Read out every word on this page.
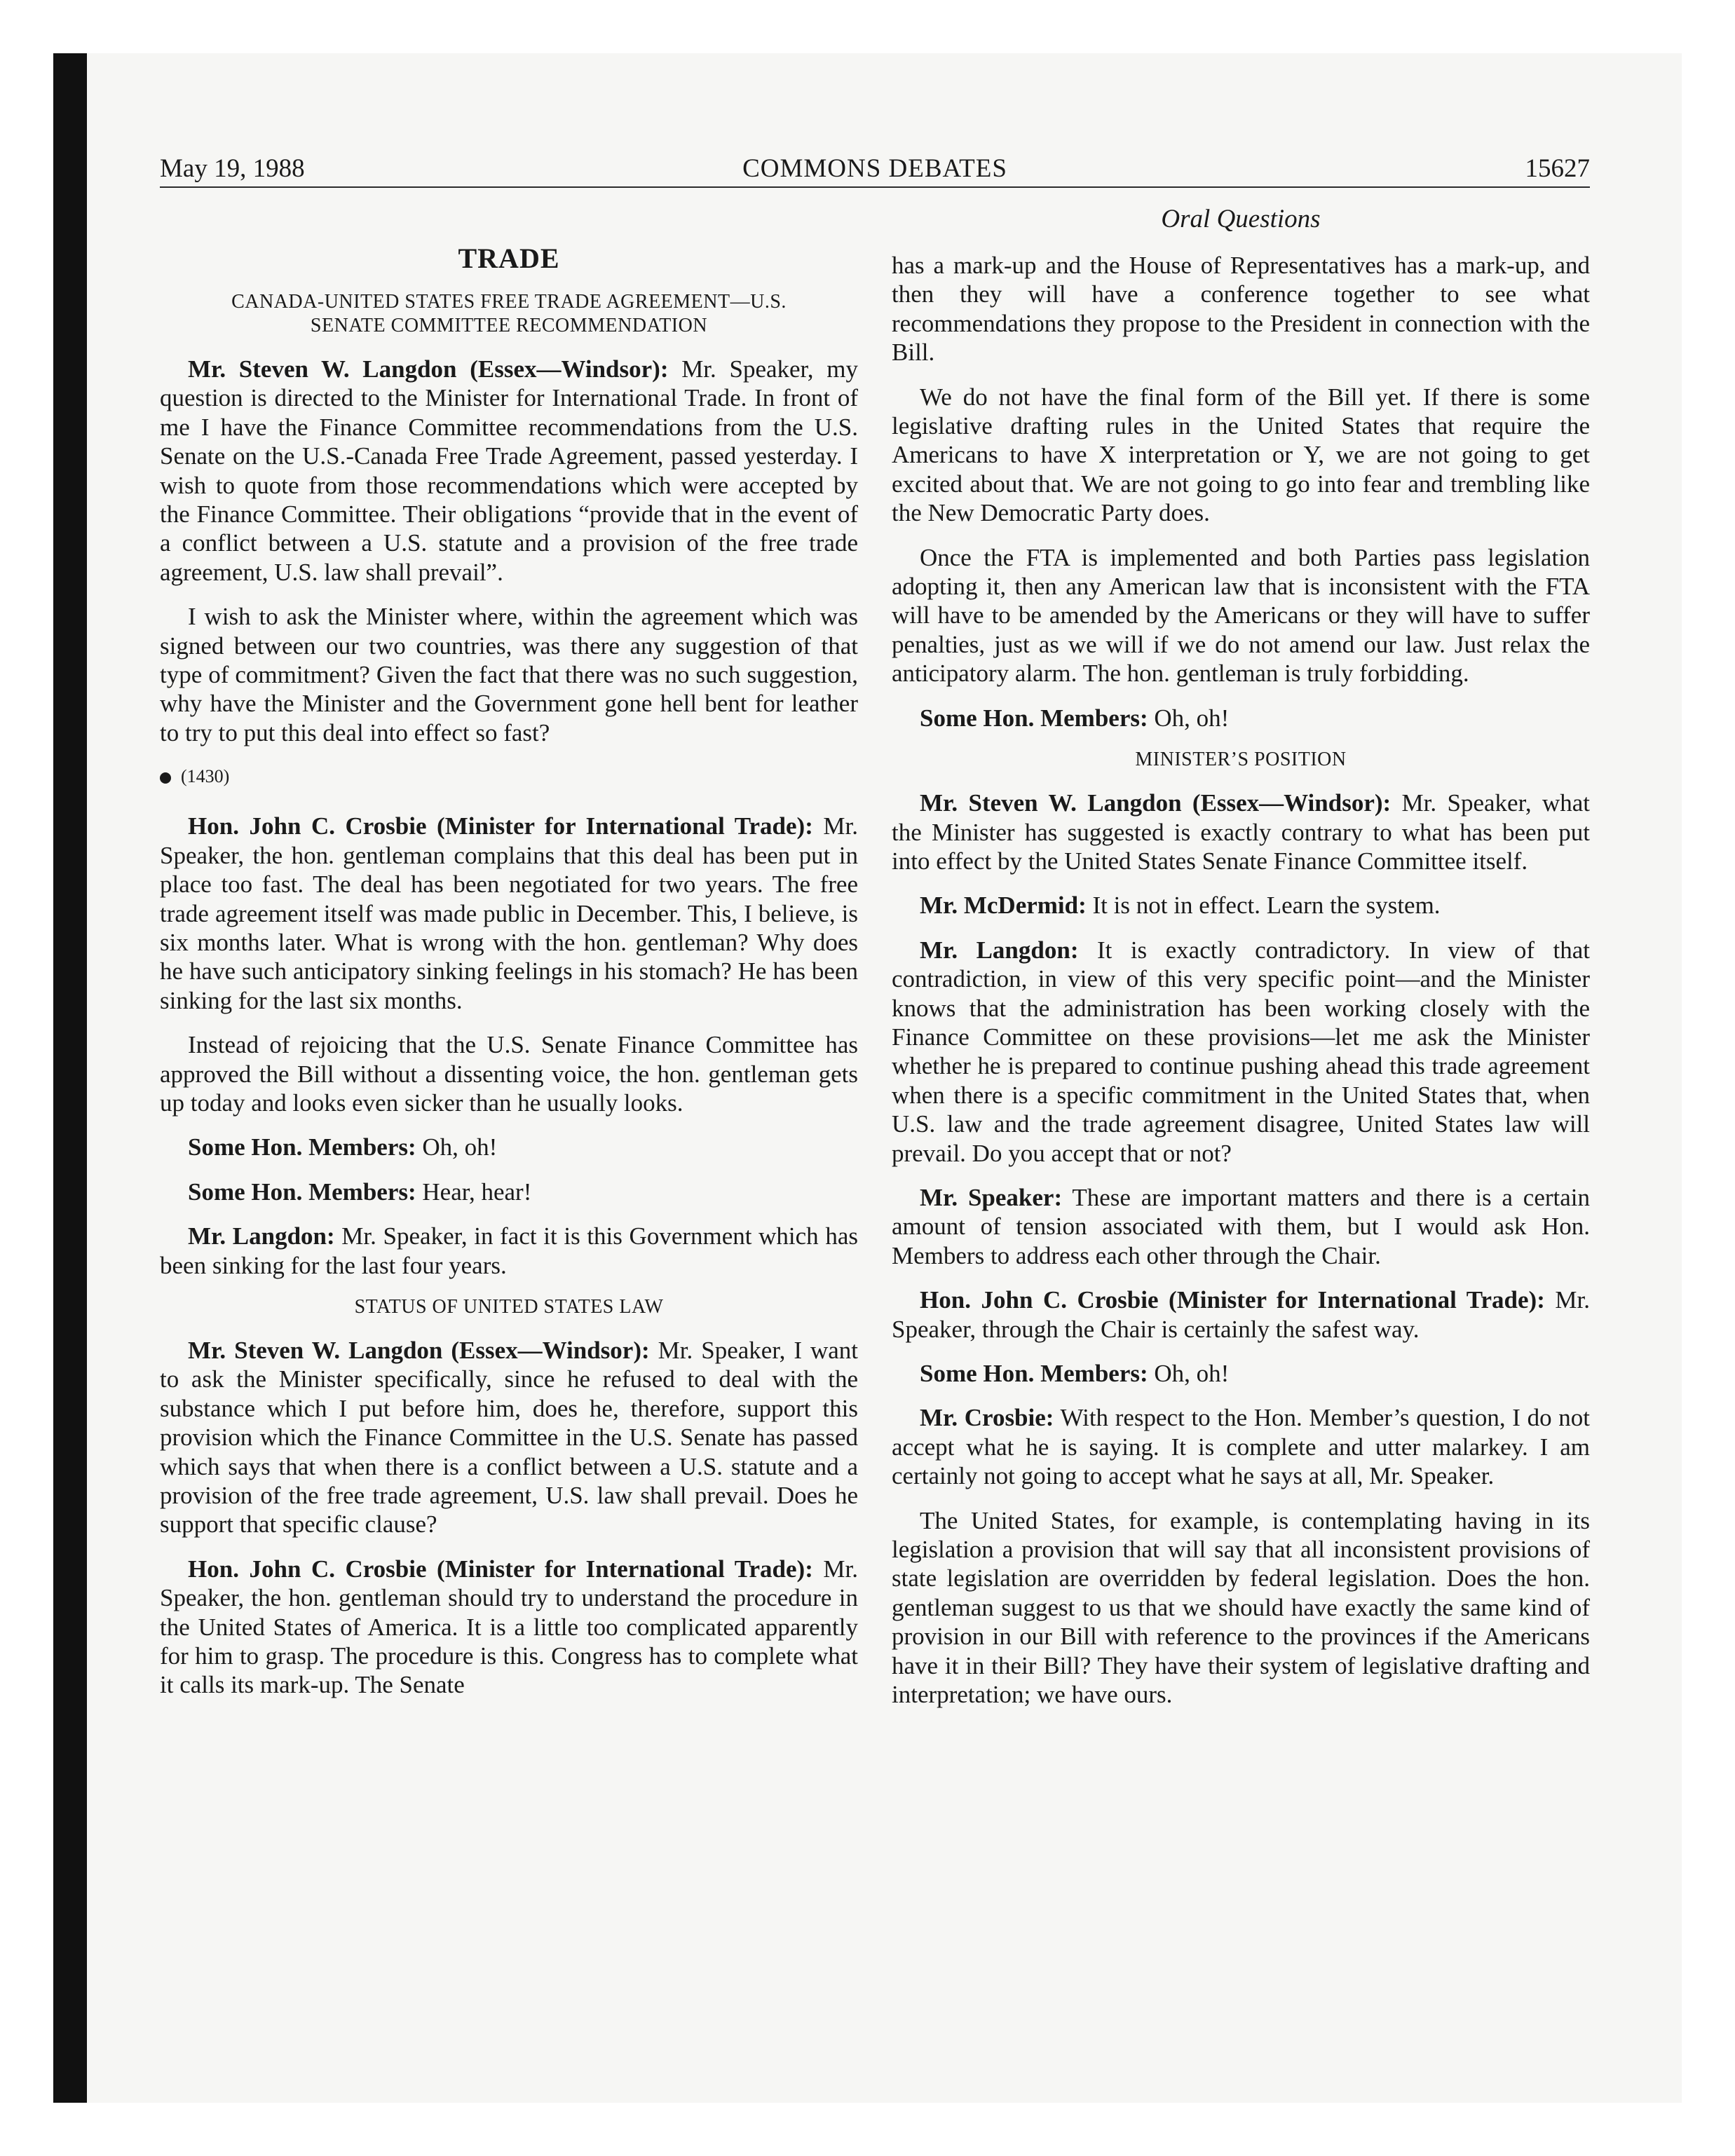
May 19, 1988	COMMONS DEBATES	15627
Oral Questions
TRADE
CANADA-UNITED STATES FREE TRADE AGREEMENT—U.S.
SENATE COMMITTEE RECOMMENDATION

Mr. Steven W. Langdon (Essex—Windsor): Mr. Speaker, my question is directed to the Minister for International Trade. In front of me I have the Finance Committee recommendations from the U.S. Senate on the U.S.-Canada Free Trade Agreement, passed yesterday. I wish to quote from those recommendations which were accepted by the Finance Committee. Their obligations “provide that in the event of a conflict between a U.S. statute and a provision of the free trade agreement, U.S. law shall prevail”.

I wish to ask the Minister where, within the agreement which was signed between our two countries, was there any suggestion of that type of commitment? Given the fact that there was no such suggestion, why have the Minister and the Government gone hell bent for leather to try to put this deal into effect so fast?

(1430)

Hon. John C. Crosbie (Minister for International Trade): Mr. Speaker, the hon. gentleman complains that this deal has been put in place too fast. The deal has been negotiated for two years. The free trade agreement itself was made public in December. This, I believe, is six months later. What is wrong with the hon. gentleman? Why does he have such anticipatory sinking feelings in his stomach? He has been sinking for the last six months.

Instead of rejoicing that the U.S. Senate Finance Committee has approved the Bill without a dissenting voice, the hon. gentleman gets up today and looks even sicker than he usually looks.

Some Hon. Members: Oh, oh!

Some Hon. Members: Hear, hear!

Mr. Langdon: Mr. Speaker, in fact it is this Government which has been sinking for the last four years.

STATUS OF UNITED STATES LAW

Mr. Steven W. Langdon (Essex—Windsor): Mr. Speaker, I want to ask the Minister specifically, since he refused to deal with the substance which I put before him, does he, therefore, support this provision which the Finance Committee in the U.S. Senate has passed which says that when there is a conflict between a U.S. statute and a provision of the free trade agreement, U.S. law shall prevail. Does he support that specific clause?

Hon. John C. Crosbie (Minister for International Trade): Mr. Speaker, the hon. gentleman should try to understand the procedure in the United States of America. It is a little too complicated apparently for him to grasp. The procedure is this. Congress has to complete what it calls its mark-up. The Senate

has a mark-up and the House of Representatives has a mark-up, and then they will have a conference together to see what recommendations they propose to the President in connection with the Bill.

We do not have the final form of the Bill yet. If there is some legislative drafting rules in the United States that require the Americans to have X interpretation or Y, we are not going to get excited about that. We are not going to go into fear and trembling like the New Democratic Party does.

Once the FTA is implemented and both Parties pass legislation adopting it, then any American law that is inconsistent with the FTA will have to be amended by the Americans or they will have to suffer penalties, just as we will if we do not amend our law. Just relax the anticipatory alarm. The hon. gentleman is truly forbidding.

Some Hon. Members: Oh, oh!

MINISTER’S POSITION

Mr. Steven W. Langdon (Essex—Windsor): Mr. Speaker, what the Minister has suggested is exactly contrary to what has been put into effect by the United States Senate Finance Committee itself.

Mr. McDermid: It is not in effect. Learn the system.

Mr. Langdon: It is exactly contradictory. In view of that contradiction, in view of this very specific point—and the Minister knows that the administration has been working closely with the Finance Committee on these provisions—let me ask the Minister whether he is prepared to continue pushing ahead this trade agreement when there is a specific commitment in the United States that, when U.S. law and the trade agreement disagree, United States law will prevail. Do you accept that or not?

Mr. Speaker: These are important matters and there is a certain amount of tension associated with them, but I would ask Hon. Members to address each other through the Chair.

Hon. John C. Crosbie (Minister for International Trade): Mr. Speaker, through the Chair is certainly the safest way.

Some Hon. Members: Oh, oh!

Mr. Crosbie: With respect to the Hon. Member’s question, I do not accept what he is saying. It is complete and utter malarkey. I am certainly not going to accept what he says at all, Mr. Speaker.

The United States, for example, is contemplating having in its legislation a provision that will say that all inconsistent provisions of state legislation are overridden by federal legislation. Does the hon. gentleman suggest to us that we should have exactly the same kind of provision in our Bill with reference to the provinces if the Americans have it in their Bill? They have their system of legislative drafting and interpretation; we have ours.
